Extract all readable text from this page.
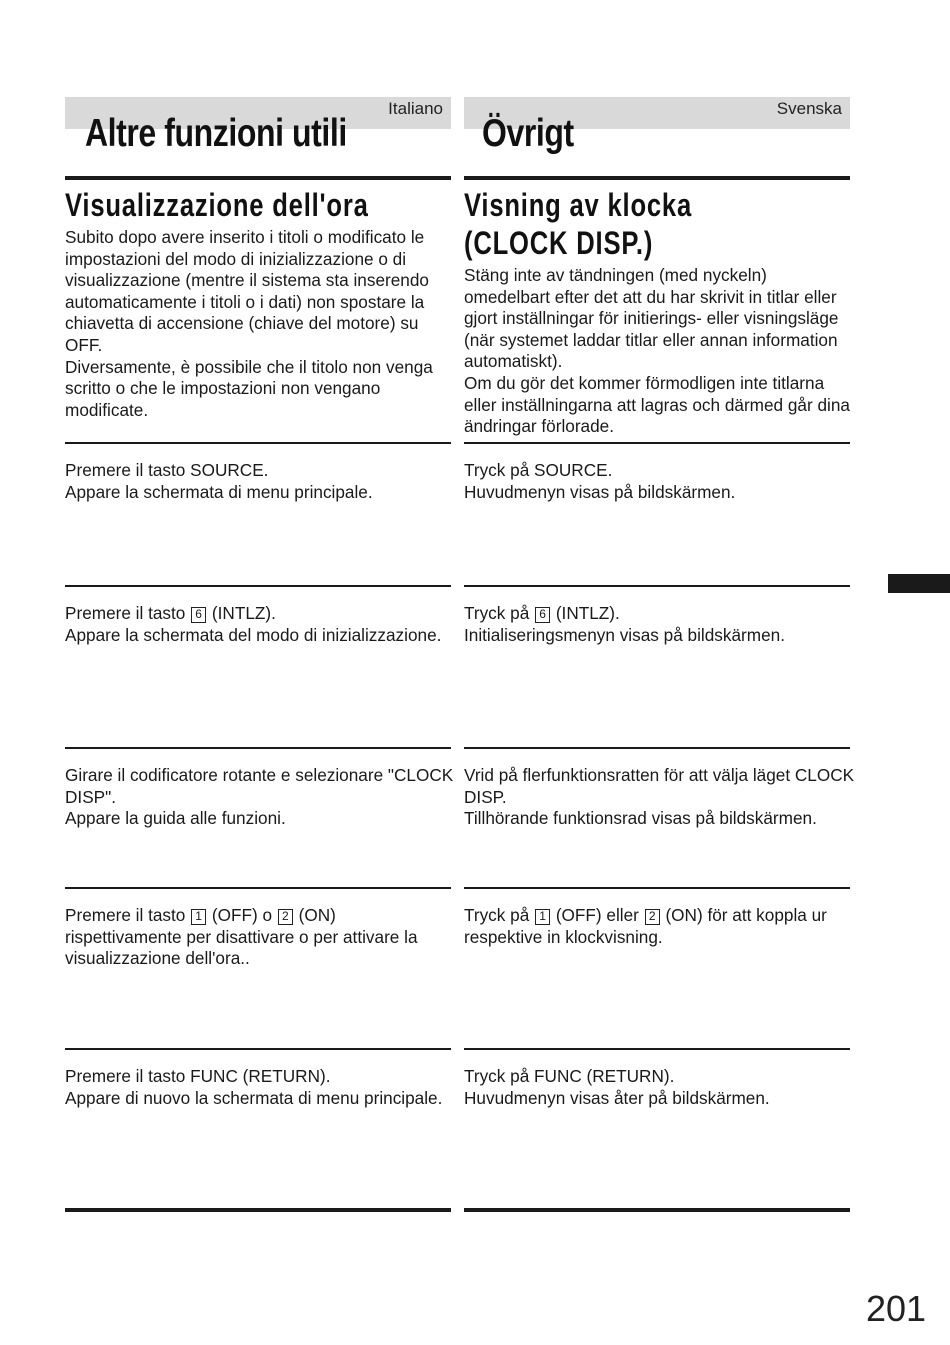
Italiano
Altre funzioni utili
Visualizzazione dell'ora

Subito dopo avere inserito i titoli o modificato le impostazioni del modo di inizializzazione o di visualizzazione (mentre il sistema sta inserendo automaticamente i titoli o i dati) non spostare la chiavetta di accensione (chiave del motore) su OFF.
Diversamente, è possibile che il titolo non venga scritto o che le impostazioni non vengano modificate.

Premere il tasto SOURCE.
Appare la schermata di menu principale.

Premere il tasto 6 (INTLZ).
Appare la schermata del modo di inizializzazione.

Girare il codificatore rotante e selezionare "CLOCK DISP".
Appare la guida alle funzioni.

Premere il tasto 1 (OFF) o 2 (ON) rispettivamente per disattivare o per attivare la visualizzazione dell'ora..

Premere il tasto FUNC (RETURN).
Appare di nuovo la schermata di menu principale.

Svenska
Övrigt
Visning av klocka
(CLOCK DISP.)

Stäng inte av tändningen (med nyckeln) omedelbart efter det att du har skrivit in titlar eller gjort inställningar för initierings- eller visningsläge (när systemet laddar titlar eller annan information automatiskt).
Om du gör det kommer förmodligen inte titlarna eller inställningarna att lagras och därmed går dina ändringar förlorade.

Tryck på SOURCE.
Huvudmenyn visas på bildskärmen.

Tryck på 6 (INTLZ).
Initialiseringsmenyn visas på bildskärmen.

Vrid på flerfunktionsratten för att välja läget CLOCK DISP.
Tillhörande funktionsrad visas på bildskärmen.

Tryck på 1 (OFF) eller 2 (ON) för att koppla ur respektive in klockvisning.

Tryck på FUNC (RETURN).
Huvudmenyn visas åter på bildskärmen.

201
